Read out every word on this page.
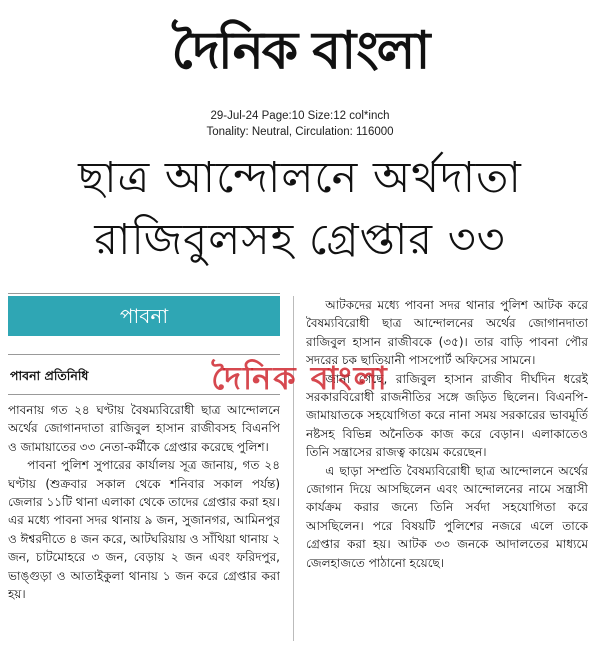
দৈনিক বাংলা
29-Jul-24 Page:10 Size:12 col*inch
Tonality: Neutral, Circulation: 116000
ছাত্র আন্দোলনে অর্থদাতা
রাজিবুলসহ গ্রেপ্তার ৩৩
পাবনা
পাবনা প্রতিনিধি

পাবনায় গত ২৪ ঘণ্টায় বৈষম্যবিরোধী ছাত্র আন্দোলনে অর্থের জোগানদাতা রাজিবুল হাসান রাজীবসহ বিএনপি ও জামায়াতের ৩৩ নেতা-কর্মীকে গ্রেপ্তার করেছে পুলিশ।

পাবনা পুলিশ সুপারের কার্যালয় সূত্র জানায়, গত ২৪ ঘণ্টায় (শুক্রবার সকাল থেকে শনিবার সকাল পর্যন্ত) জেলার ১১টি থানা এলাকা থেকে তাদের গ্রেপ্তার করা হয়। এর মধ্যে পাবনা সদর থানায় ৯ জন, সুজানগর, আমিনপুর ও ঈশ্বরদীতে ৪ জন করে, আটঘরিয়ায় ও সাঁথিয়া থানায় ২ জন, চাটমোহরে ৩ জন, বেড়ায় ২ জন এবং ফরিদপুর, ভাঙ্গুড়া ও আতাইকুলা থানায় ১ জন করে গ্রেপ্তার করা হয়।

আটকদের মধ্যে পাবনা সদর থানার পুলিশ আটক করে বৈষম্যবিরোধী ছাত্র আন্দোলনের অর্থের জোগানদাতা রাজিবুল হাসান রাজীবকে (৩৫)। তার বাড়ি পাবনা পৌর সদরের চক ছাতিয়ানী পাসপোর্ট অফিসের সামনে।

জানা গেছে, রাজিবুল হাসান রাজীব দীর্ঘদিন ধরেই সরকারবিরোধী রাজনীতির সঙ্গে জড়িত ছিলেন। বিএনপি-জামায়াতকে সহযোগিতা করে নানা সময় সরকারের ভাবমূর্তি নষ্টসহ বিভিন্ন অনৈতিক কাজ করে বেড়ান। এলাকাতেও তিনি সন্ত্রাসের রাজত্ব কায়েম করেছেন।

এ ছাড়া সম্প্রতি বৈষম্যবিরোধী ছাত্র আন্দোলনে অর্থের জোগান দিয়ে আসছিলেন এবং আন্দোলনের নামে সন্ত্রাসী কার্যক্রম করার জন্যে তিনি সর্বদা সহযোগিতা করে আসছিলেন। পরে বিষয়টি পুলিশের নজরে এলে তাকে গ্রেপ্তার করা হয়। আটক ৩৩ জনকে আদালতের মাধ্যমে জেলহাজতে পাঠানো হয়েছে।

দৈনিক বাংলা
